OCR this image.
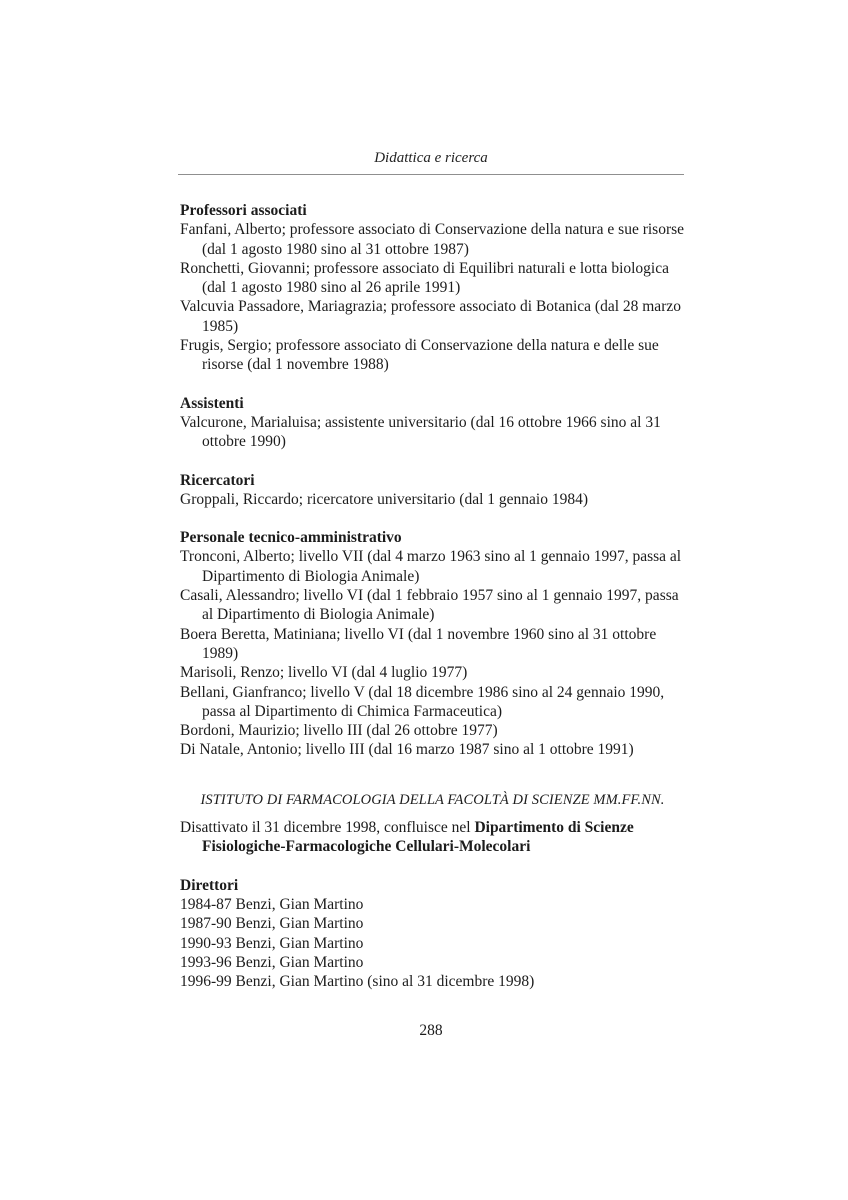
Didattica e ricerca
Professori associati

Fanfani, Alberto; professore associato di Conservazione della natura e sue risorse (dal 1 agosto 1980 sino al 31 ottobre 1987)

Ronchetti, Giovanni; professore associato di Equilibri naturali e lotta biologica (dal 1 agosto 1980 sino al 26 aprile 1991)

Valcuvia Passadore, Mariagrazia; professore associato di Botanica (dal 28 marzo 1985)

Frugis, Sergio; professore associato di Conservazione della natura e delle sue risorse (dal 1 novembre 1988)

Assistenti

Valcurone, Marialuisa; assistente universitario (dal 16 ottobre 1966 sino al 31 ottobre 1990)

Ricercatori

Groppali, Riccardo; ricercatore universitario (dal 1 gennaio 1984)

Personale tecnico-amministrativo

Tronconi, Alberto; livello VII (dal 4 marzo 1963 sino al 1 gennaio 1997, passa al Dipartimento di Biologia Animale)

Casali, Alessandro; livello VI (dal 1 febbraio 1957 sino al 1 gennaio 1997, passa al Dipartimento di Biologia Animale)

Boera Beretta, Matiniana; livello VI (dal 1 novembre 1960 sino al 31 ottobre 1989)

Marisoli, Renzo; livello VI (dal 4 luglio 1977)

Bellani, Gianfranco; livello V (dal 18 dicembre 1986 sino al 24 gennaio 1990, passa al Dipartimento di Chimica Farmaceutica)

Bordoni, Maurizio; livello III (dal 26 ottobre 1977)

Di Natale, Antonio; livello III (dal 16 marzo 1987 sino al 1 ottobre 1991)

ISTITUTO DI FARMACOLOGIA DELLA FACOLTÀ DI SCIENZE MM.FF.NN.

Disattivato il 31 dicembre 1998, confluisce nel Dipartimento di Scienze Fisiologiche-Farmacologiche Cellulari-Molecolari

Direttori

1984-87 Benzi, Gian Martino

1987-90 Benzi, Gian Martino

1990-93 Benzi, Gian Martino

1993-96 Benzi, Gian Martino

1996-99 Benzi, Gian Martino (sino al 31 dicembre 1998)

288
